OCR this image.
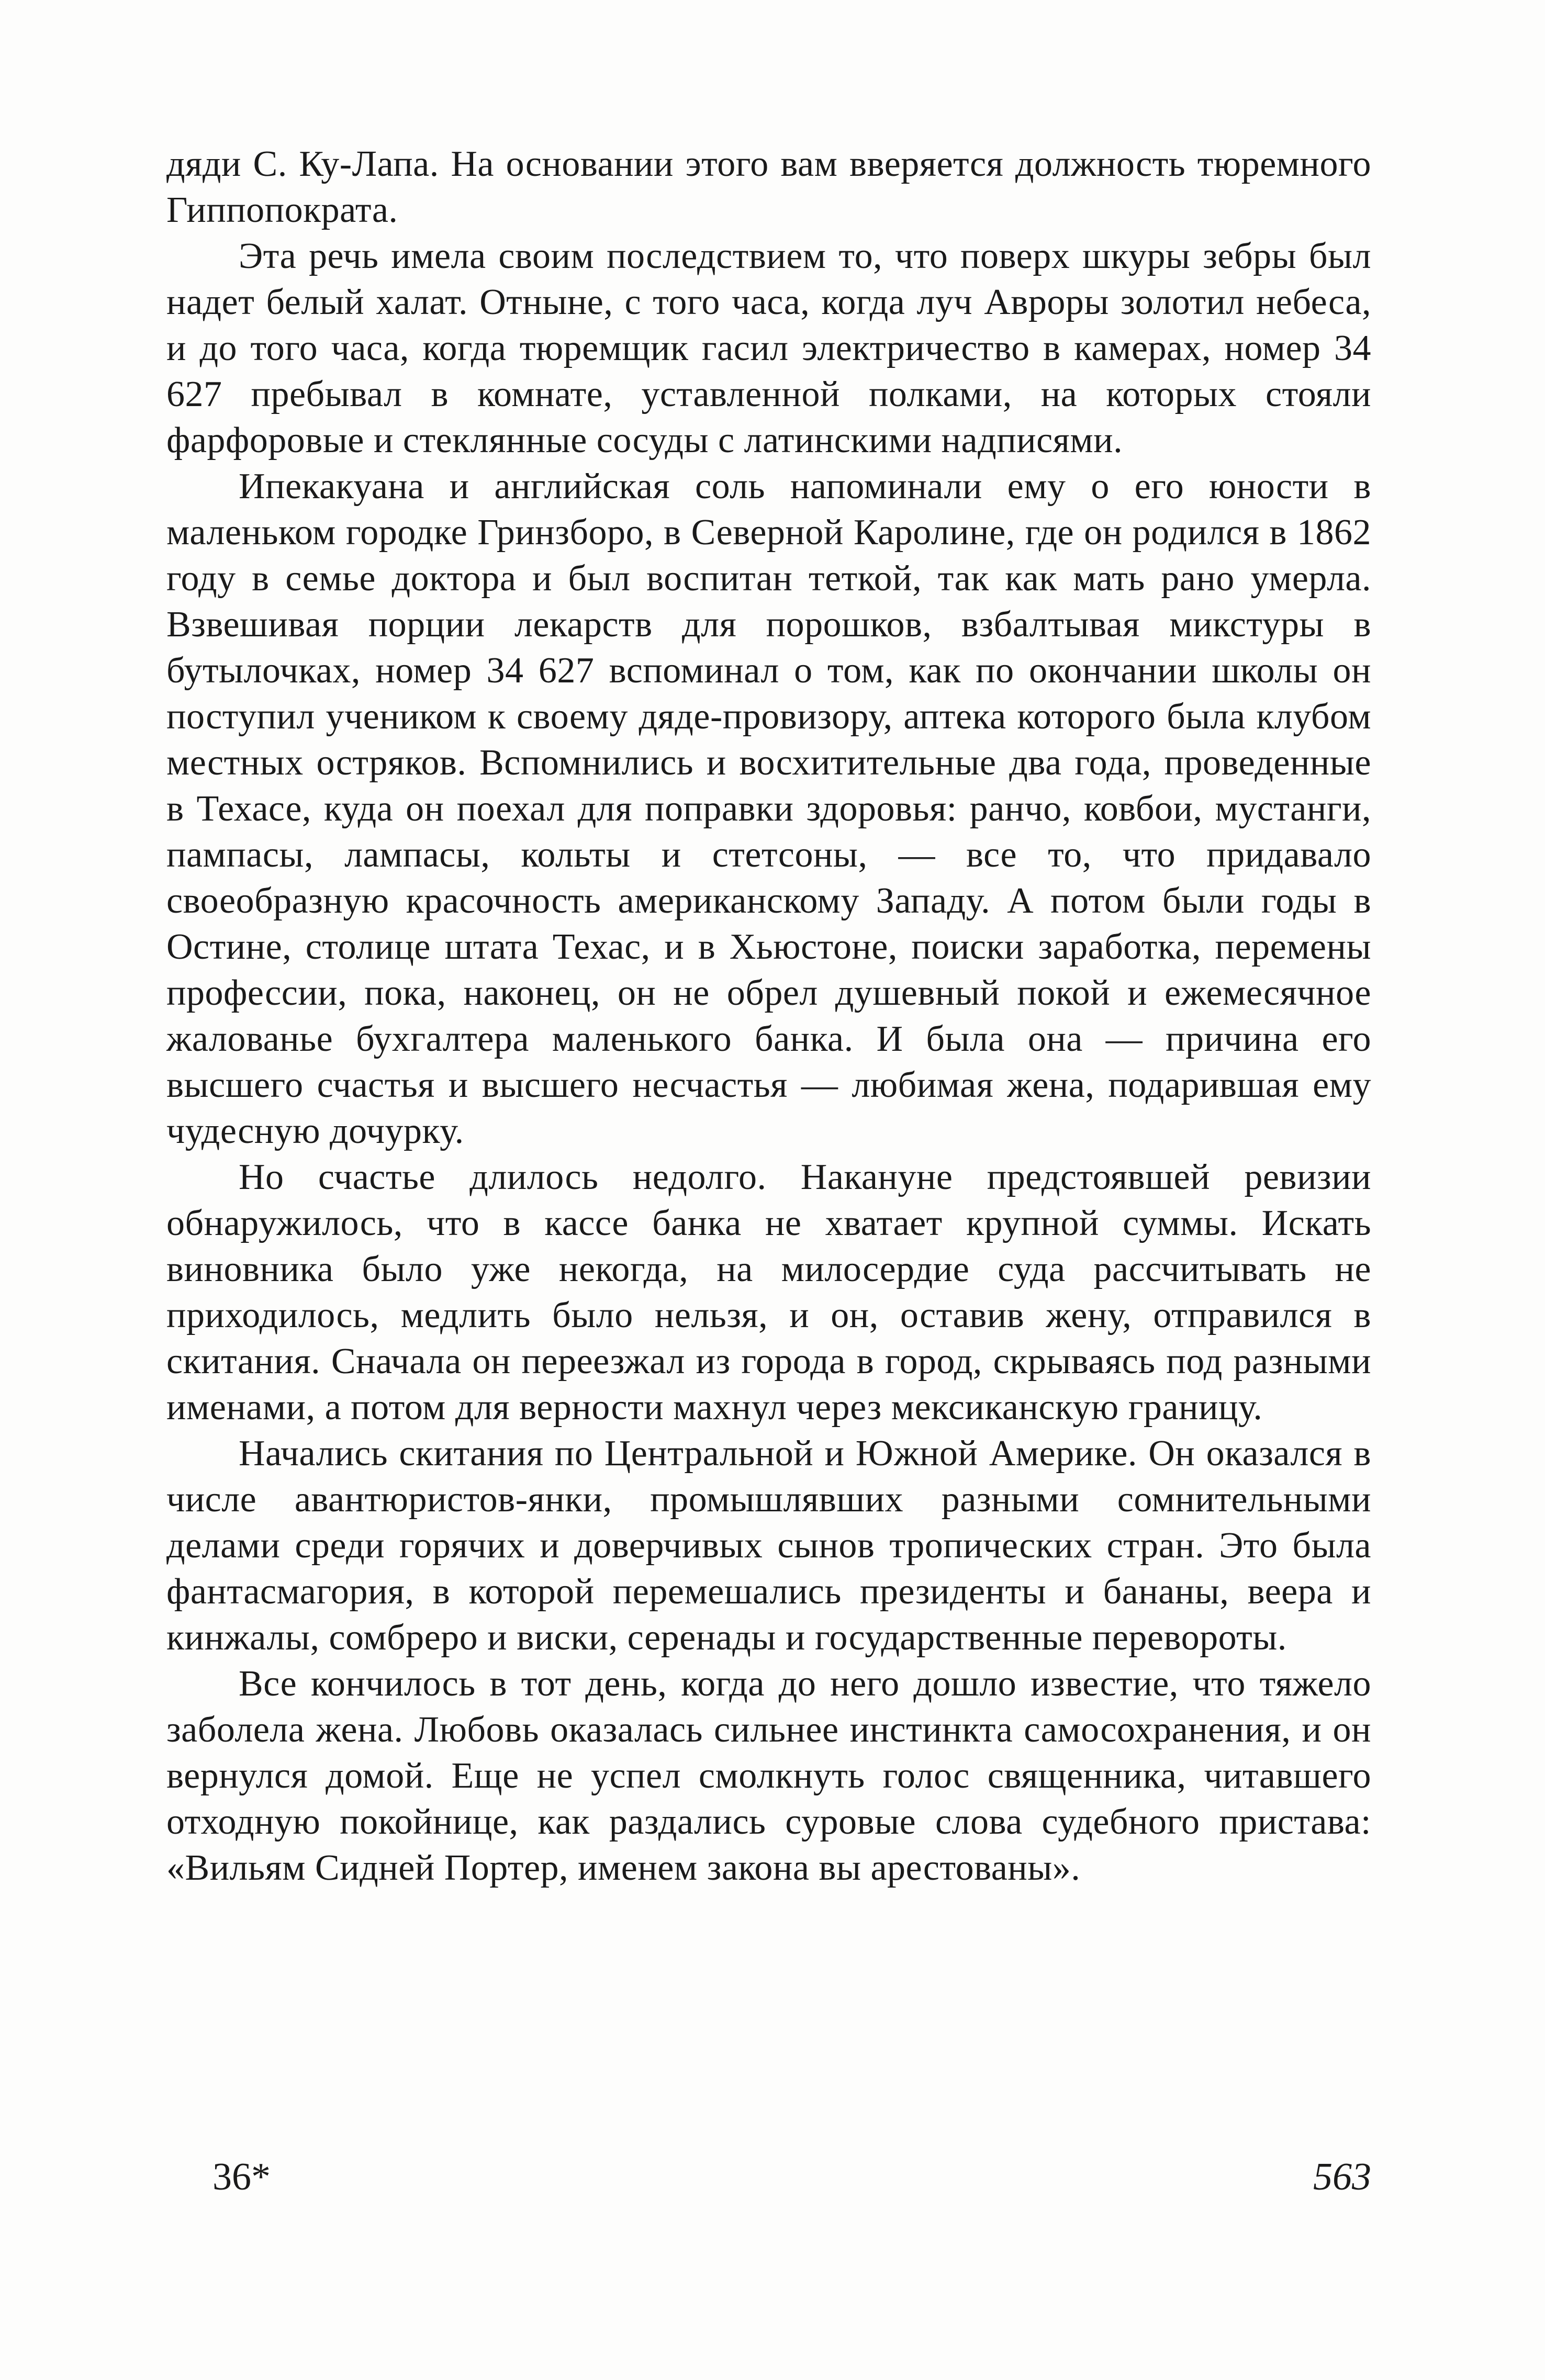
дяди С. Ку-Лапа. На основании этого вам вверяется должность тюремного Гиппопократа.

Эта речь имела своим последствием то, что поверх шкуры зебры был надет белый халат. Отныне, с того часа, когда луч Авроры золотил небеса, и до того часа, когда тюремщик гасил электричество в камерах, номер 34 627 пребывал в комнате, уставленной полками, на которых стояли фарфоровые и стеклянные сосуды с латинскими надписями.

Ипекакуана и английская соль напоминали ему о его юности в маленьком городке Гринзборо, в Северной Каролине, где он родился в 1862 году в семье доктора и был воспитан теткой, так как мать рано умерла. Взвешивая порции лекарств для порошков, взбалтывая микстуры в бутылочках, номер 34 627 вспоминал о том, как по окончании школы он поступил учеником к своему дяде-провизору, аптека которого была клубом местных остряков. Вспомнились и восхитительные два года, проведенные в Техасе, куда он поехал для поправки здоровья: ранчо, ковбои, мустанги, пампасы, лампасы, кольты и стетсоны, — все то, что придавало своеобразную красочность американскому Западу. А потом были годы в Остине, столице штата Техас, и в Хьюстоне, поиски заработка, перемены профессии, пока, наконец, он не обрел душевный покой и ежемесячное жалованье бухгалтера маленького банка. И была она — причина его высшего счастья и высшего несчастья — любимая жена, подарившая ему чудесную дочурку.

Но счастье длилось недолго. Накануне предстоявшей ревизии обнаружилось, что в кассе банка не хватает крупной суммы. Искать виновника было уже некогда, на милосердие суда рассчитывать не приходилось, медлить было нельзя, и он, оставив жену, отправился в скитания. Сначала он переезжал из города в город, скрываясь под разными именами, а потом для верности махнул через мексиканскую границу.

Начались скитания по Центральной и Южной Америке. Он оказался в числе авантюристов-янки, промышлявших разными сомнительными делами среди горячих и доверчивых сынов тропических стран. Это была фантасмагория, в которой перемешались президенты и бананы, веера и кинжалы, сомбреро и виски, серенады и государственные перевороты.

Все кончилось в тот день, когда до него дошло известие, что тяжело заболела жена. Любовь оказалась сильнее инстинкта самосохранения, и он вернулся домой. Еще не успел смолкнуть голос священника, читавшего отходную покойнице, как раздались суровые слова судебного пристава: «Вильям Сидней Портер, именем закона вы арестованы».

36*	563
